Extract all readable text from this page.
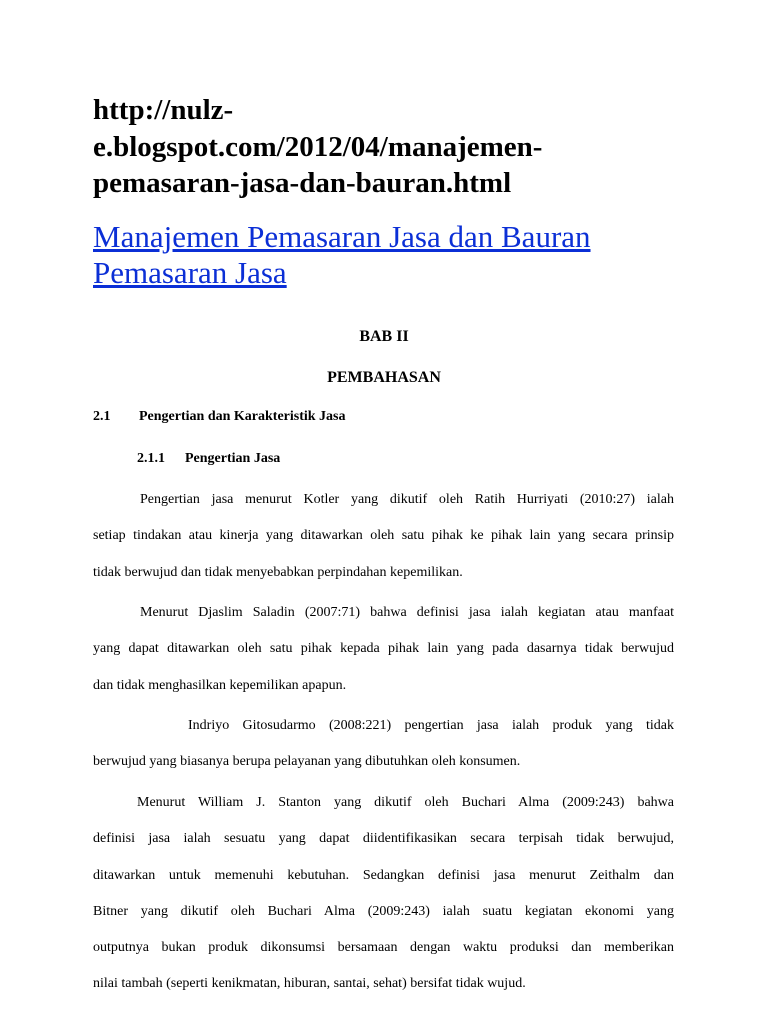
http://nulz-
e.blogspot.com/2012/04/manajemen-
pemasaran-jasa-dan-bauran.html
Manajemen Pemasaran Jasa dan Bauran
Pemasaran Jasa

BAB II

PEMBAHASAN

2.1 Pengertian dan Karakteristik Jasa

2.1.1 Pengertian Jasa

Pengertian jasa menurut Kotler yang dikutif oleh Ratih Hurriyati (2010:27) ialah

setiap tindakan atau kinerja yang ditawarkan oleh satu pihak ke pihak lain yang secara prinsip

tidak berwujud dan tidak menyebabkan perpindahan kepemilikan.

Menurut Djaslim Saladin (2007:71) bahwa definisi jasa ialah kegiatan atau manfaat

yang dapat ditawarkan oleh satu pihak kepada pihak lain yang pada dasarnya tidak berwujud

dan tidak menghasilkan kepemilikan apapun.

Indriyo Gitosudarmo (2008:221) pengertian jasa ialah produk yang tidak

berwujud yang biasanya berupa pelayanan yang dibutuhkan oleh konsumen.

Menurut William J. Stanton yang dikutif oleh Buchari Alma (2009:243) bahwa

definisi jasa ialah sesuatu yang dapat diidentifikasikan secara terpisah tidak berwujud,

ditawarkan untuk memenuhi kebutuhan. Sedangkan definisi jasa menurut Zeithalm dan

Bitner yang dikutif oleh Buchari Alma (2009:243) ialah suatu kegiatan ekonomi yang

outputnya bukan produk dikonsumsi bersamaan dengan waktu produksi dan memberikan

nilai tambah (seperti kenikmatan, hiburan, santai, sehat) bersifat tidak wujud.
